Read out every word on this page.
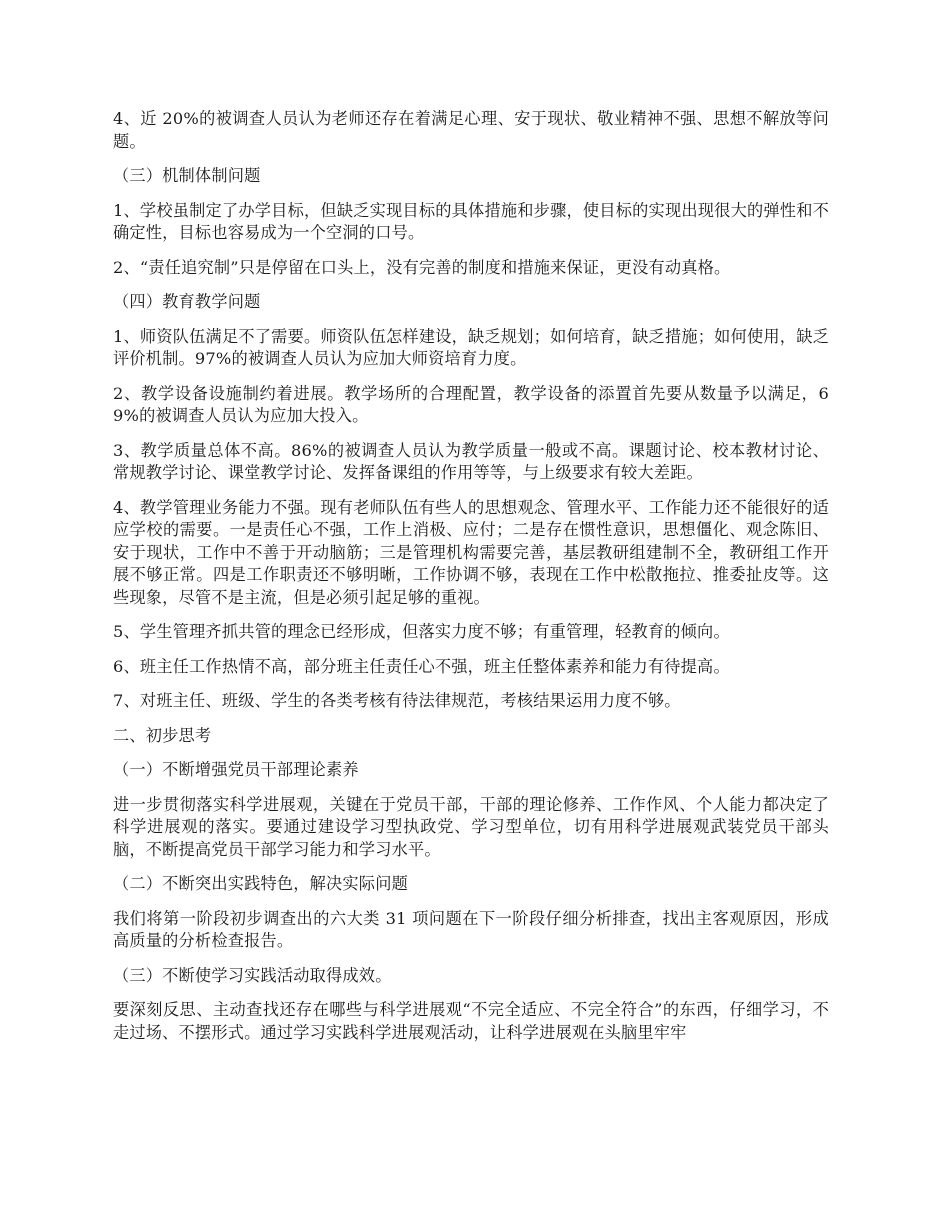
4、近 20%的被调查人员认为老师还存在着满足心理、安于现状、敬业精神不强、思想不解放等问题。

（三）机制体制问题

1、学校虽制定了办学目标，但缺乏实现目标的具体措施和步骤，使目标的实现出现很大的弹性和不确定性，目标也容易成为一个空洞的口号。

2、“责任追究制”只是停留在口头上，没有完善的制度和措施来保证，更没有动真格。

（四）教育教学问题

1、师资队伍满足不了需要。师资队伍怎样建设，缺乏规划；如何培育，缺乏措施；如何使用，缺乏评价机制。97%的被调查人员认为应加大师资培育力度。

2、教学设备设施制约着进展。教学场所的合理配置，教学设备的添置首先要从数量予以满足，69%的被调查人员认为应加大投入。

3、教学质量总体不高。86%的被调查人员认为教学质量一般或不高。课题讨论、校本教材讨论、常规教学讨论、课堂教学讨论、发挥备课组的作用等等，与上级要求有较大差距。

4、教学管理业务能力不强。现有老师队伍有些人的思想观念、管理水平、工作能力还不能很好的适应学校的需要。一是责任心不强，工作上消极、应付；二是存在惯性意识，思想僵化、观念陈旧、安于现状，工作中不善于开动脑筋；三是管理机构需要完善，基层教研组建制不全，教研组工作开展不够正常。四是工作职责还不够明晰，工作协调不够，表现在工作中松散拖拉、推委扯皮等。这些现象，尽管不是主流，但是必须引起足够的重视。

5、学生管理齐抓共管的理念已经形成，但落实力度不够；有重管理，轻教育的倾向。

6、班主任工作热情不高，部分班主任责任心不强，班主任整体素养和能力有待提高。

7、对班主任、班级、学生的各类考核有待法律规范，考核结果运用力度不够。

二、初步思考

（一）不断增强党员干部理论素养

进一步贯彻落实科学进展观，关键在于党员干部，干部的理论修养、工作作风、个人能力都决定了科学进展观的落实。要通过建设学习型执政党、学习型单位，切有用科学进展观武装党员干部头脑，不断提高党员干部学习能力和学习水平。

（二）不断突出实践特色，解决实际问题

我们将第一阶段初步调查出的六大类 31 项问题在下一阶段仔细分析排查，找出主客观原因，形成高质量的分析检查报告。

（三）不断使学习实践活动取得成效。

要深刻反思、主动查找还存在哪些与科学进展观“不完全适应、不完全符合”的东西，仔细学习，不走过场、不摆形式。通过学习实践科学进展观活动，让科学进展观在头脑里牢牢
